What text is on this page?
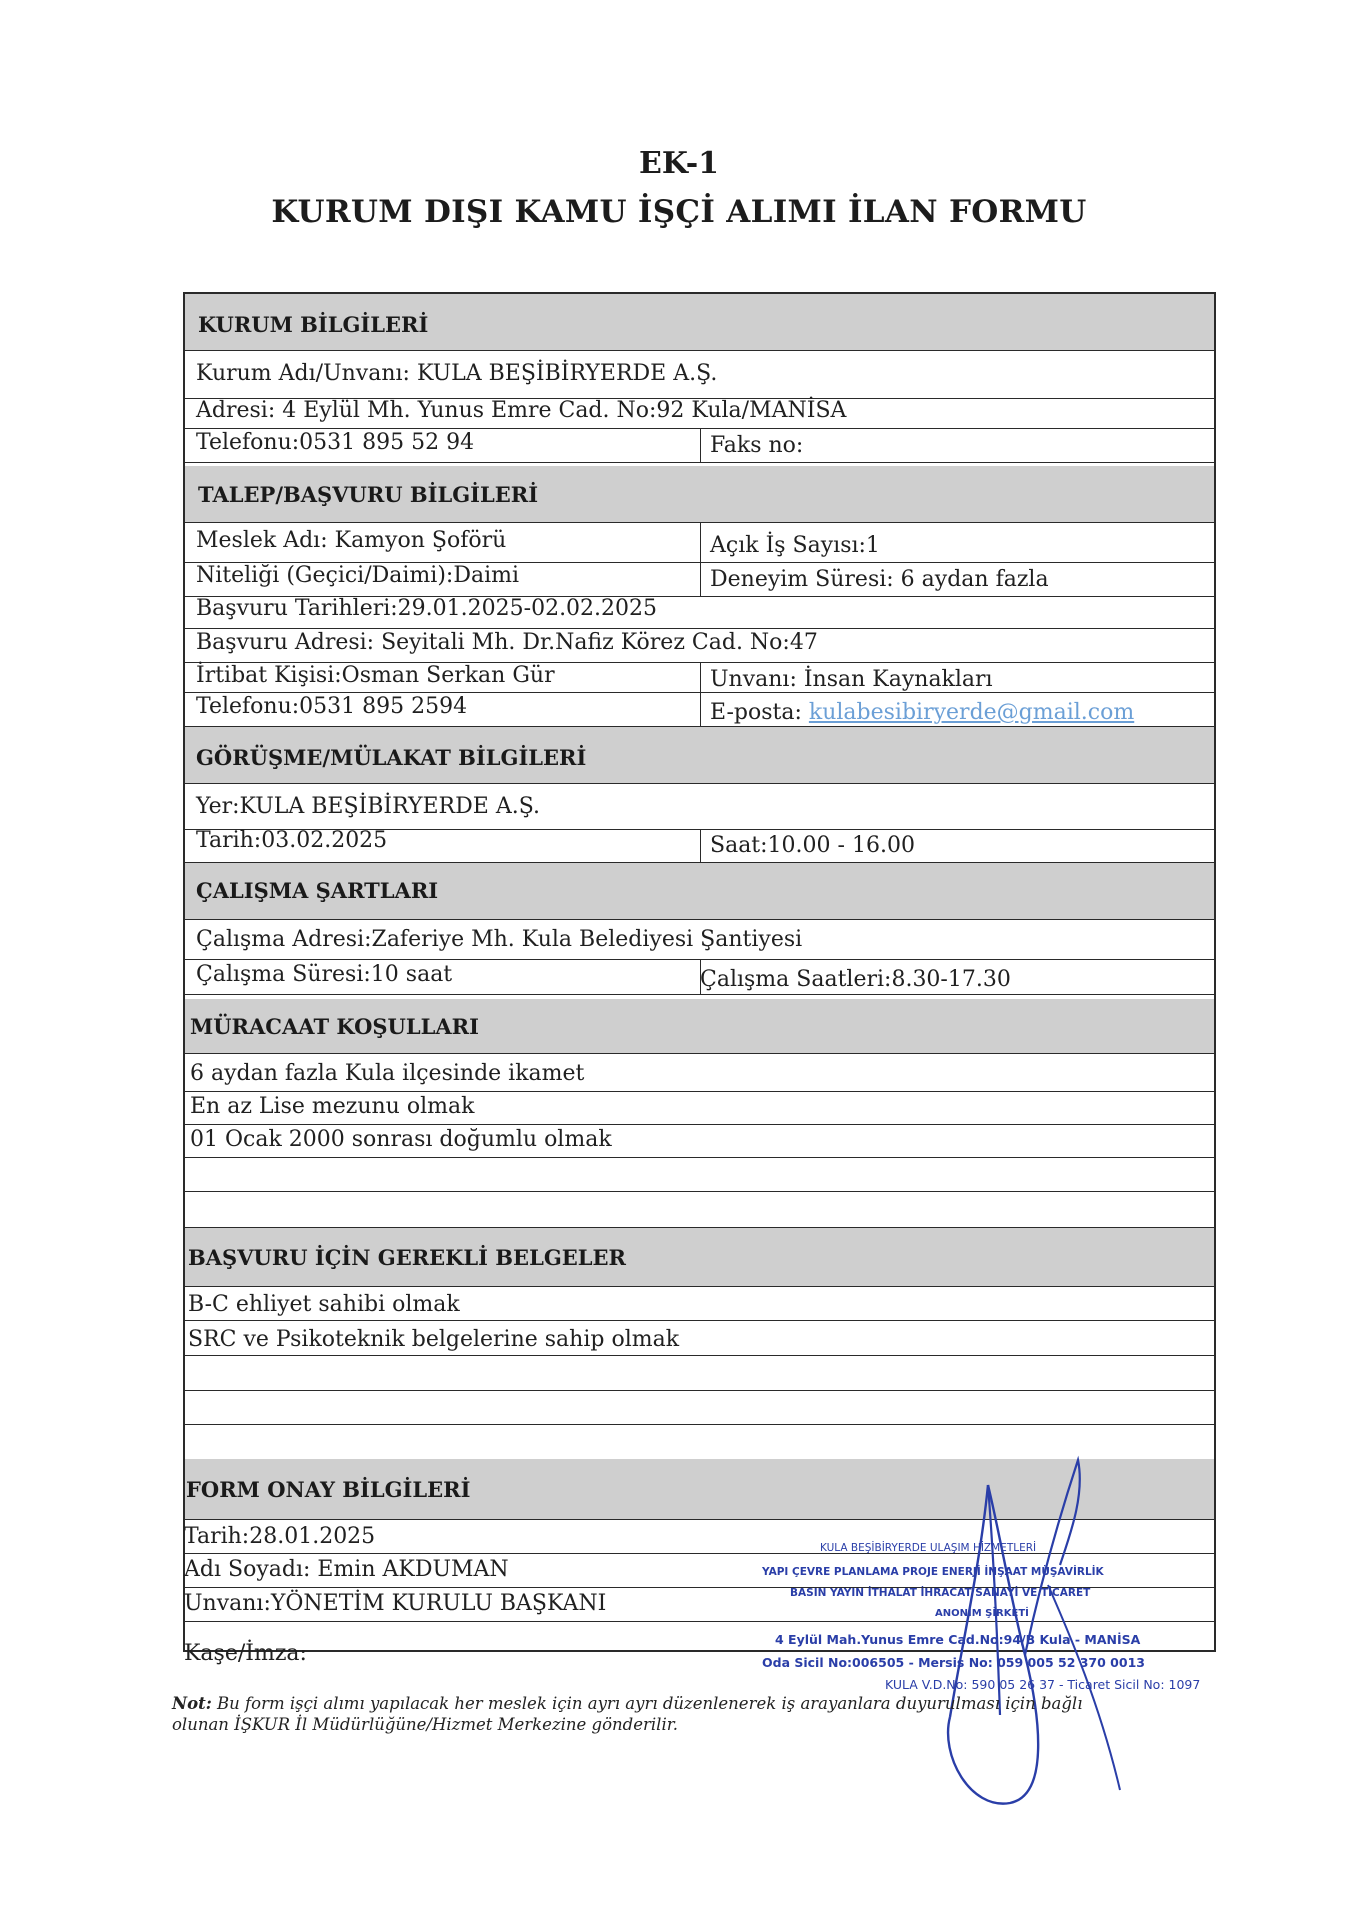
EK-1
KURUM DIŞI KAMU İŞÇİ ALIMI İLAN FORMU
KURUM BİLGİLERİ
Kurum Adı/Unvanı: KULA BEŞİBİRYERDE A.Ş.
Adresi: 4 Eylül Mh. Yunus Emre Cad. No:92 Kula/MANİSA
Telefonu:0531 895 52 94	Faks no:
TALEP/BAŞVURU BİLGİLERİ
Meslek Adı: Kamyon Şoförü	Açık İş Sayısı:1
Niteliği (Geçici/Daimi):Daimi	Deneyim Süresi: 6 aydan fazla
Başvuru Tarihleri:29.01.2025-02.02.2025
Başvuru Adresi: Seyitali Mh. Dr.Nafiz Körez Cad. No:47
İrtibat Kişisi:Osman Serkan Gür	Unvanı: İnsan Kaynakları
Telefonu:0531 895 2594	E-posta: kulabesibiryerde@gmail.com
GÖRÜŞME/MÜLAKAT BİLGİLERİ
Yer:KULA BEŞİBİRYERDE A.Ş.
Tarih:03.02.2025	Saat:10.00 - 16.00
ÇALIŞMA ŞARTLARI
Çalışma Adresi:Zaferiye Mh. Kula Belediyesi Şantiyesi
Çalışma Süresi:10 saat	Çalışma Saatleri:8.30-17.30
MÜRACAAT KOŞULLARI
6 aydan fazla Kula ilçesinde ikamet
En az Lise mezunu olmak
01 Ocak 2000 sonrası doğumlu olmak
BAŞVURU İÇİN GEREKLİ BELGELER
B-C ehliyet sahibi olmak
SRC ve Psikoteknik belgelerine sahip olmak
FORM ONAY BİLGİLERİ
Tarih:28.01.2025
Adı Soyadı: Emin AKDUMAN
Unvanı:YÖNETİM KURULU BAŞKANI
Kaşe/İmza:
KULA BEŞİBİRYERDE ULAŞIM HİZMETLERİ
YAPI ÇEVRE PLANLAMA PROJE ENERJİ İNŞAAT MÜŞAVİRLİK
BASIN YAYIN İTHALAT İHRACAT SANAYİ VE TİCARET
ANONİM ŞİRKETİ
4 Eylül Mah.Yunus Emre Cad.No:94/B Kula - MANİSA
Oda Sicil No:006505 - Mersis No: 059 005 52 370 0013
KULA V.D.No: 590 05 26 37 - Ticaret Sicil No: 1097
Not: Bu form işçi alımı yapılacak her meslek için ayrı ayrı düzenlenerek iş arayanlara duyurulması için bağlı
olunan İŞKUR İl Müdürlüğüne/Hizmet Merkezine gönderilir.
